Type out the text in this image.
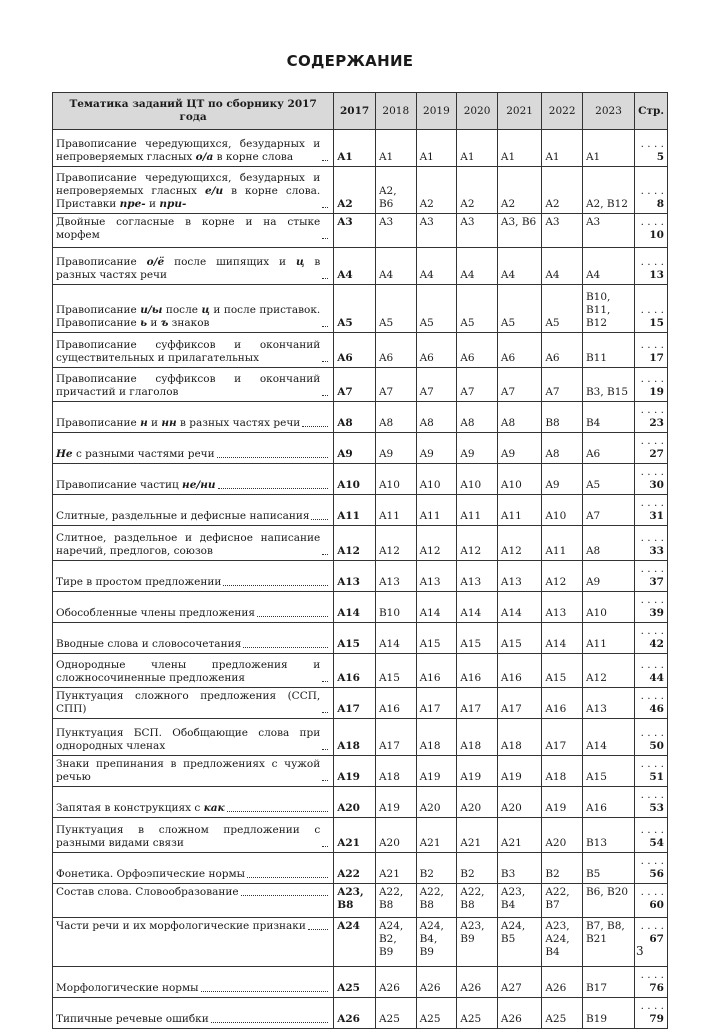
СОДЕРЖАНИЕ
Тематика заданий ЦТ по сборнику 2017 года	2017	2018	2019	2020	2021	2022	2023	Стр.

Правописание чередующихся, безударных и непроверяемых гласных о/а в корне слова	A1	A1	A1	A1	A1	A1	A1	. . . . 5

Правописание чередующихся, безударных и непроверяемых гласных е/и в корне слова. Приставки пре- и при-	A2	A2, B6	A2	A2	A2	A2	A2, B12	. . . . 8

Двойные согласные в корне и на стыке морфем	A3	A3	A3	A3	A3, B6	A3	A3	. . . . 10

Правописание о/ё после шипящих и ц в разных частях речи	A4	A4	A4	A4	A4	A4	A4	. . . . 13

Правописание и/ы после ц и после приставок. Правописание ь и ъ знаков	A5	A5	A5	A5	A5	A5	B10, B11, B12	. . . . 15

Правописание суффиксов и окончаний существительных и прилагательных	A6	A6	A6	A6	A6	A6	B11	. . . . 17

Правописание суффиксов и окончаний причастий и глаголов	A7	A7	A7	A7	A7	A7	B3, B15	. . . . 19

Правописание н и нн в разных частях речи	A8	A8	A8	A8	A8	B8	B4	. . . . 23

Не с разными частями речи	A9	A9	A9	A9	A9	A8	A6	. . . . 27

Правописание частиц не/ни	A10	A10	A10	A10	A10	A9	A5	. . . . 30

Слитные, раздельные и дефисные написания	A11	A11	A11	A11	A11	A10	A7	. . . . 31

Слитное, раздельное и дефисное написание наречий, предлогов, союзов	A12	A12	A12	A12	A12	A11	A8	. . . . 33

Тире в простом предложении	A13	A13	A13	A13	A13	A12	A9	. . . . 37

Обособленные члены предложения	A14	B10	A14	A14	A14	A13	A10	. . . . 39

Вводные слова и словосочетания	A15	A14	A15	A15	A15	A14	A11	. . . . 42

Однородные члены предложения и сложносочиненные предложения	A16	A15	A16	A16	A16	A15	A12	. . . . 44

Пунктуация сложного предложения (ССП, СПП)	A17	A16	A17	A17	A17	A16	A13	. . . . 46

Пунктуация БСП. Обобщающие слова при однородных членах	A18	A17	A18	A18	A18	A17	A14	. . . . 50

Знаки препинания в предложениях с чужой речью	A19	A18	A19	A19	A19	A18	A15	. . . . 51

Запятая в конструкциях с как	A20	A19	A20	A20	A20	A19	A16	. . . . 53

Пунктуация в сложном предложении с разными видами связи	A21	A20	A21	A21	A21	A20	B13	. . . . 54

Фонетика. Орфоэпические нормы	A22	A21	B2	B2	B3	B2	B5	. . . . 56

Состав слова. Словообразование	A23, B8	A22, B8	A22, B8	A22, B8	A23, B4	A22, B7	B6, B20	. . . . 60

Части речи и их морфологические признаки	A24	A24, B2, B9	A24, B4, B9	A23, B9	A24, B5	A23, A24, B4	B7, B8, B21	. . . . 67

Морфологические нормы	A25	A26	A26	A26	A27	A26	B17	. . . . 76

Типичные речевые ошибки	A26	A25	A25	A25	A26	A25	B19	. . . . 79
3
